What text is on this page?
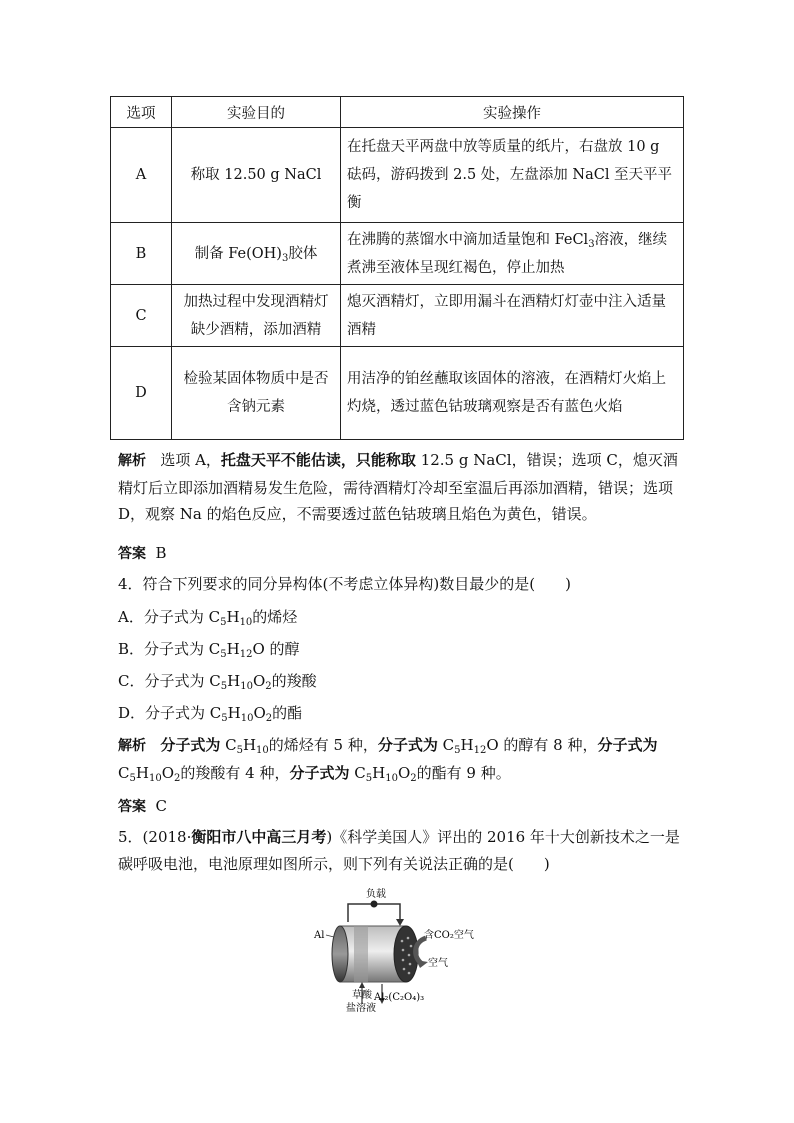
选项	实验目的	实验操作
A	称取 12.50 g NaCl	在托盘天平两盘中放等质量的纸片，右盘放 10 g 砝码，游码拨到 2.5 处，左盘添加 NaCl 至天平平衡
B	制备 $Fe(OH)_3$胶体	在沸腾的蒸馏水中滴加适量饱和 FeCl$_3$溶液，继续煮沸至液体呈现红褐色，停止加热
C	加热过程中发现酒精灯缺少酒精，添加酒精	熄灭酒精灯，立即用漏斗在酒精灯灯壶中注入适量酒精
D	检验某固体物质中是否含钠元素	用洁净的铂丝蘸取该固体的溶液，在酒精灯火焰上灼烧，透过蓝色钴玻璃观察是否有蓝色火焰
解析 选项 A，托盘天平不能估读，只能称取 12.5 g NaCl，错误；选项 C，熄灭酒精灯后立即添加酒精易发生危险，需待酒精灯冷却至室温后再添加酒精，错误；选项 D，观察 Na 的焰色反应，不需要透过蓝色钴玻璃且焰色为黄色，错误。
答案 B
4．符合下列要求的同分异构体(不考虑立体异构)数目最少的是(　　)
A．分子式为 $C_5H_{10}$的烯烃
B．分子式为 $C_5H_{12}O$ 的醇
C．分子式为 $C_5H_{10}O_2$的羧酸
D．分子式为 $C_5H_{10}O_2$的酯
解析 分子式为 $C_5H_{10}$的烯烃有 5 种，分子式为 $C_5H_{12}O$ 的醇有 8 种，分子式为 $C_5H_{10}O_2$的羧酸有 4 种，分子式为 $C_5H_{10}O_2$的酯有 9 种。
答案 C
5．(2018·衡阳市八中高三月考)《科学美国人》评出的 2016 年十大创新技术之一是碳呼吸电池，电池原理如图所示，则下列有关说法正确的是(　　)
负载
Al	含CO₂空气
空气
草酸
盐溶液
Al₂(C₂O₄)₃
